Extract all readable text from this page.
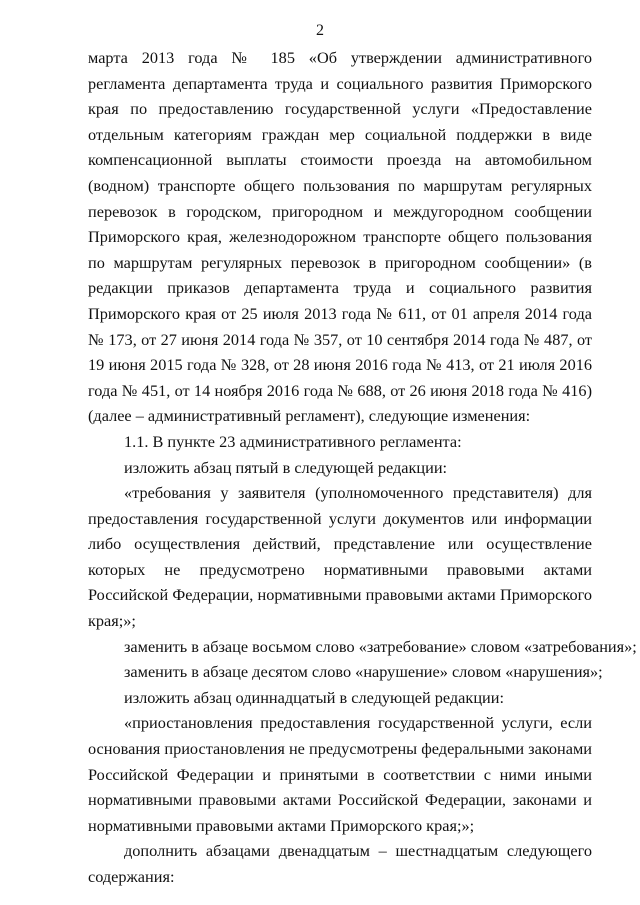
2

марта 2013 года № 185 «Об утверждении административного регламента департамента труда и социального развития Приморского края по предоставлению государственной услуги «Предоставление отдельным категориям граждан мер социальной поддержки в виде компенсационной выплаты стоимости проезда на автомобильном (водном) транспорте общего пользования по маршрутам регулярных перевозок в городском, пригородном и междугородном сообщении Приморского края, железнодорожном транспорте общего пользования по маршрутам регулярных перевозок в пригородном сообщении» (в редакции приказов департамента труда и социального развития Приморского края от 25 июля 2013 года № 611, от 01 апреля 2014 года № 173, от 27 июня 2014 года № 357, от 10 сентября 2014 года № 487, от 19 июня 2015 года № 328, от 28 июня 2016 года № 413, от 21 июля 2016 года № 451, от 14 ноября 2016 года № 688, от 26 июня 2018 года № 416) (далее – административный регламент), следующие изменения:

1.1. В пункте 23 административного регламента:

изложить абзац пятый в следующей редакции:

«требования у заявителя (уполномоченного представителя) для предоставления государственной услуги документов или информации либо осуществления действий, представление или осуществление которых не предусмотрено нормативными правовыми актами Российской Федерации, нормативными правовыми актами Приморского края;»;

заменить в абзаце восьмом слово «затребование» словом «затребования»;

заменить в абзаце десятом слово «нарушение» словом «нарушения»;

изложить абзац одиннадцатый в следующей редакции:

«приостановления предоставления государственной услуги, если основания приостановления не предусмотрены федеральными законами Российской Федерации и принятыми в соответствии с ними иными нормативными правовыми актами Российской Федерации, законами и нормативными правовыми актами Приморского края;»;

дополнить абзацами двенадцатым – шестнадцатым следующего содержания:
